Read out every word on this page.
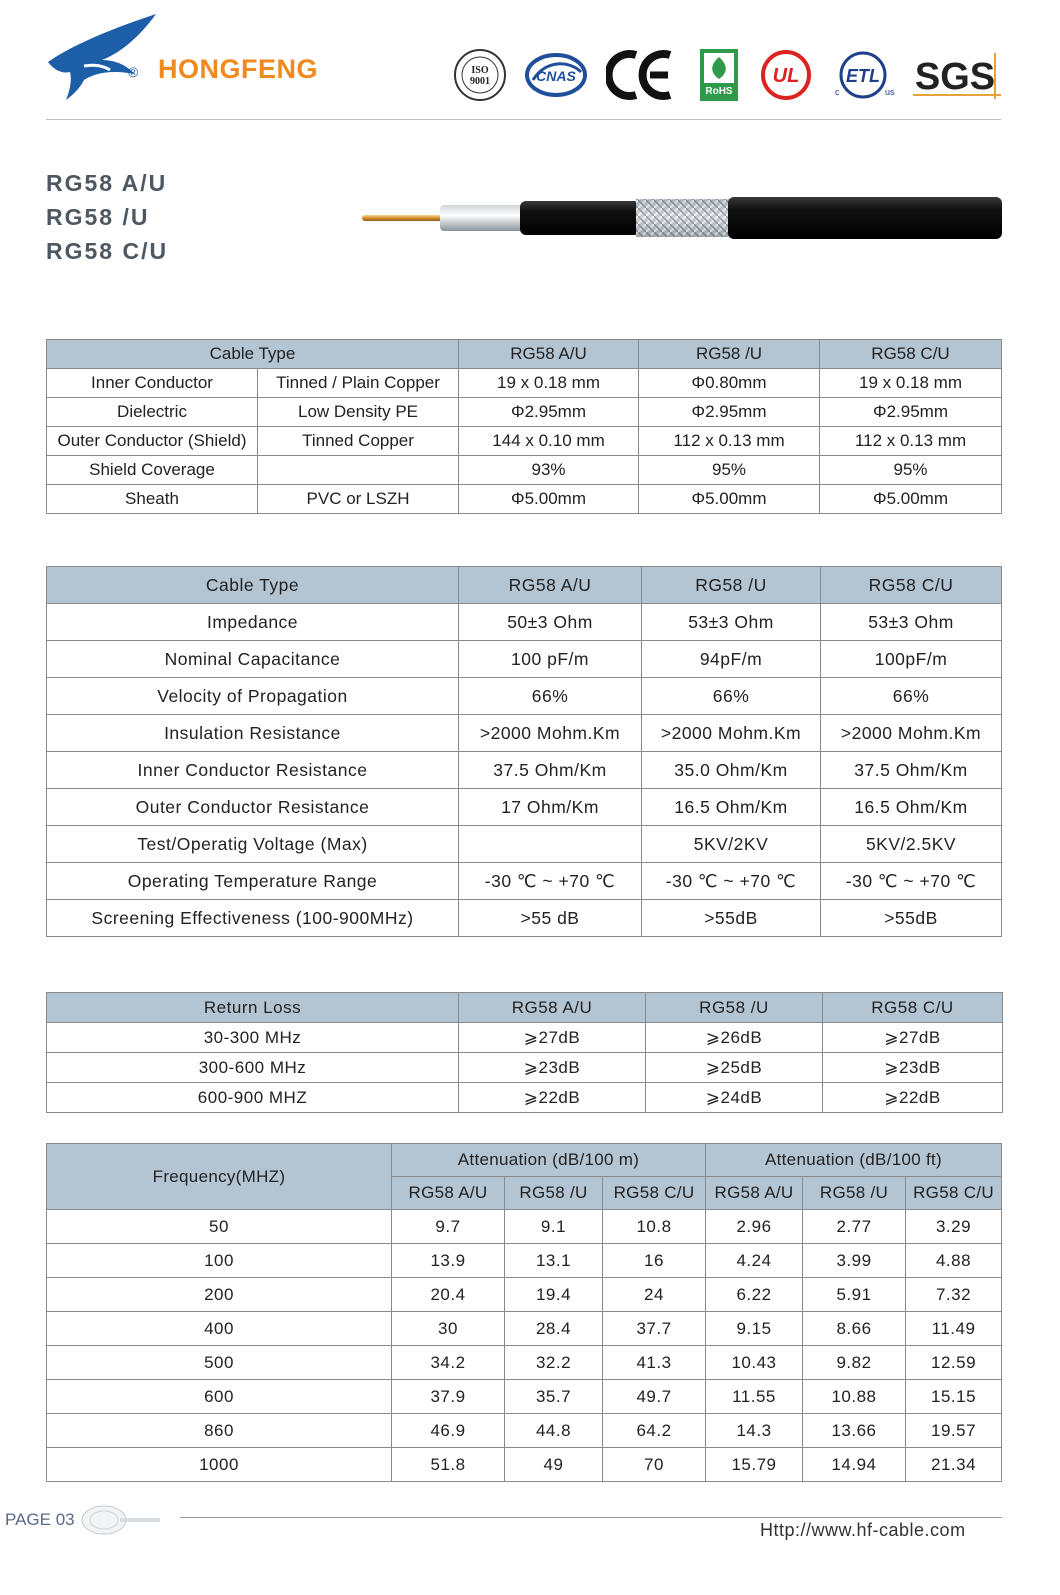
® HONGFENG	ISO
9001	CNAS
RoHS
UL	ETL
c	us SGS
RG58 A/U
RG58 /U
RG58 C/U
Cable Type		RG58 A/U	RG58 /U	RG58 C/U
Inner Conductor	Tinned / Plain Copper	19 x 0.18 mm	Φ0.80mm	19 x 0.18 mm
Dielectric	Low Density PE	Φ2.95mm	Φ2.95mm	Φ2.95mm
Outer Conductor (Shield)	Tinned Copper	144 x 0.10 mm	112 x 0.13 mm	112 x 0.13 mm
Shield Coverage		93%	95%	95%
Sheath	PVC or LSZH	Φ5.00mm	Φ5.00mm	Φ5.00mm
Cable Type	RG58 A/U	RG58 /U	RG58 C/U
Impedance	50±3 Ohm	53±3 Ohm	53±3 Ohm
Nominal Capacitance	100 pF/m	94pF/m	100pF/m
Velocity of Propagation	66%	66%	66%
Insulation Resistance	>2000 Mohm.Km	>2000 Mohm.Km	>2000 Mohm.Km
Inner Conductor Resistance	37.5 Ohm/Km	35.0 Ohm/Km	37.5 Ohm/Km
Outer Conductor Resistance	17 Ohm/Km	16.5 Ohm/Km	16.5 Ohm/Km
Test/Operatig Voltage (Max)		5KV/2KV	5KV/2.5KV
Operating Temperature Range	-30 ℃ ~ +70 ℃	-30 ℃ ~ +70 ℃	-30 ℃ ~ +70 ℃
Screening Effectiveness (100-900MHz)	>55 dB	>55dB	>55dB
Return Loss	RG58 A/U	RG58 /U	RG58 C/U
30-300 MHz	⩾27dB	⩾26dB	⩾27dB
300-600 MHz	⩾23dB	⩾25dB	⩾23dB
600-900 MHZ	⩾22dB	⩾24dB	⩾22dB
Frequency(MHZ)	Attenuation (dB/100 m)			Attenuation (dB/100 ft)		
	RG58 A/U	RG58 /U	RG58 C/U	RG58 A/U	RG58 /U	RG58 C/U
50	9.7	9.1	10.8	2.96	2.77	3.29
100	13.9	13.1	16	4.24	3.99	4.88
200	20.4	19.4	24	6.22	5.91	7.32
400	30	28.4	37.7	9.15	8.66	11.49
500	34.2	32.2	41.3	10.43	9.82	12.59
600	37.9	35.7	49.7	11.55	10.88	15.15
860	46.9	44.8	64.2	14.3	13.66	19.57
1000	51.8	49	70	15.79	14.94	21.34
PAGE 03
Http://www.hf-cable.com
